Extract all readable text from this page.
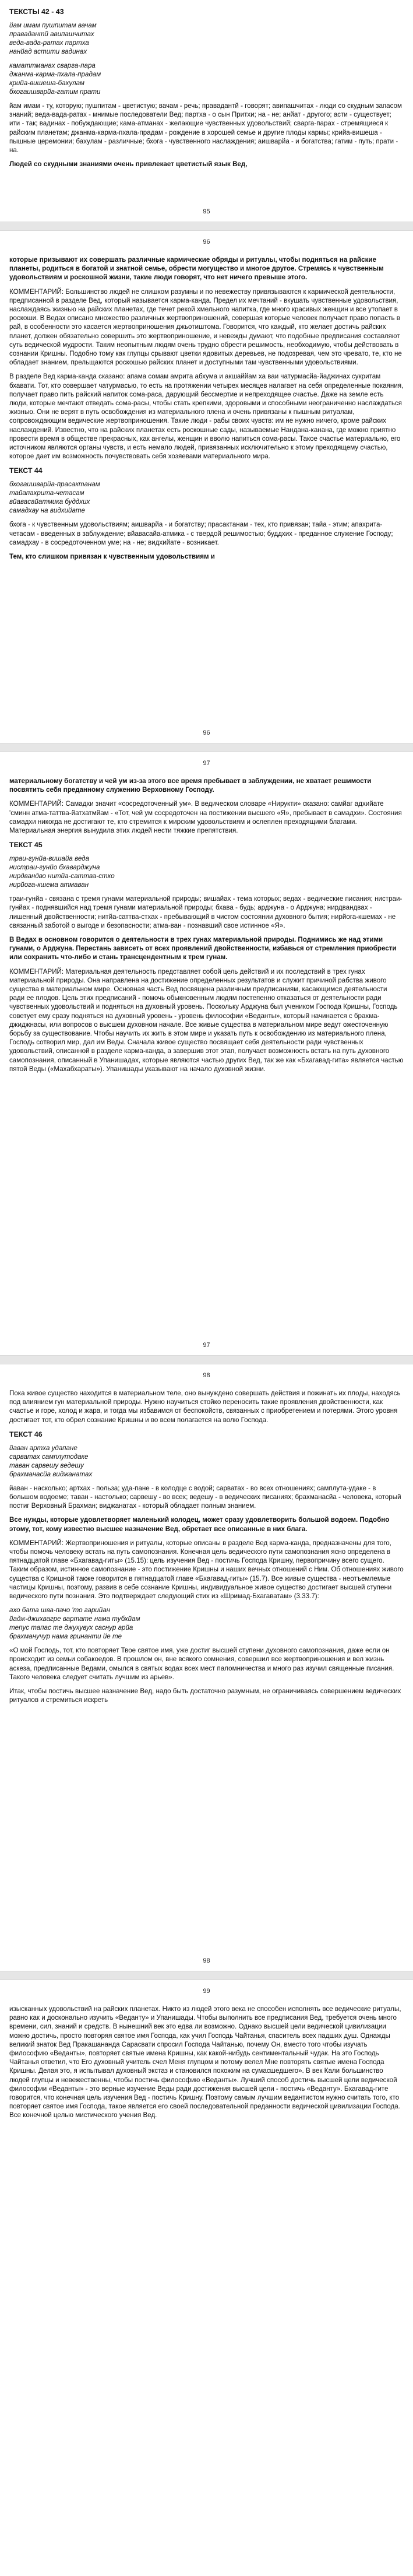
ТЕКСТЫ 42 - 43
йам имам пушпитам вачам
правадантй авипашчитах
веда-вада-ратах партха
нанйад астити вадинах
каматтманах сварга-пара
джанма-карма-пхала-прадам
крийа-вишеша-бахулам
бхогаишварйа-гатим прати

йам имам - ту, которую; пушпитам - цветистую; вачам - речь; правадантй - говорят; авипашчитах - люди со скудным запасом знаний; веда-вада-ратах - мнимые последователи Вед; партха - о сын Притхи; на - не; анйат - другого; асти - существует; ити - так; вадинах - побуждающие; кама-атманах - желающие чувственных удовольствий; сварга-парах - стремящиеся к райским планетам; джанма-карма-пхала-прадам - рождение в хорошей семье и другие плоды кармы; крийа-вишеша - пышные церемонии; бахулам - различные; бхога - чувственного наслаждения; аишварйа - и богатства; гатим - путь; прати - на.

Людей со скудными знаниями очень привлекает цветистый язык Вед,

95
96

которые призывают их совершать различные кармические обряды и ритуалы, чтобы подняться на райские планеты, родиться в богатой и знатной семье, обрести могущество и многое другое. Стремясь к чувственным удовольствиям и роскошной жизни, такие люди говорят, что нет ничего превыше этого.

КОММЕНТАРИЙ: Большинство людей не слишком разумны и по невежеству привязываются к кармической деятельности, предписанной в разделе Вед, который называется карма-канда. Предел их мечтаний - вкушать чувственные удовольствия, наслаждаясь жизнью на райских планетах, где течет рекой хмельного напитка, где много красивых женщин и все утопает в роскоши. В Ведах описано множество различных жертвоприношений, совершая которые человек получает право попасть в рай, в особенности это касается жертвоприношения джьотиштома. Говорится, что каждый, кто желает достичь райских планет, должен обязательно совершить это жертвоприношение, и невежды думают, что подобные предписания составляют суть ведической мудрости. Таким неопытным людям очень трудно обрести решимость, необходимую, чтобы действовать в сознании Кришны. Подобно тому как глупцы срывают цветки ядовитых деревьев, не подозревая, чем это чревато, те, кто не обладает знанием, прельщаются роскошью райских планет и доступными там чувственными удовольствиями.

В разделе Вед карма-канда сказано: апама сомам амрита абхума и акшаййам ха ваи чатурмасйа-йаджинах сукритам бхавати. Тот, кто совершает чатурмасью, то есть на протяжении четырех месяцев налагает на себя определенные покаяния, получает право пить райский напиток сома-раса, дарующий бессмертие и непреходящее счастье. Даже на земле есть люди, которые мечтают отведать сома-расы, чтобы стать крепкими, здоровыми и способными неограниченно наслаждаться жизнью. Они не верят в путь освобождения из материального плена и очень привязаны к пышным ритуалам, сопровождающим ведические жертвоприношения. Такие люди - рабы своих чувств: им не нужно ничего, кроме райских наслаждений. Известно, что на райских планетах есть роскошные сады, называемые Нандана-канана, где можно приятно провести время в обществе прекрасных, как ангелы, женщин и вволю напиться сома-расы. Такое счастье материально, его источником являются органы чувств, и есть немало людей, привязанных исключительно к этому преходящему счастью, которое дает им возможность почувствовать себя хозяевами материального мира.

ТЕКСТ 44
бхогаишварйа-прасактанам
тайапахрита-четасам
вйавасайатмика буддхих
самадхау на видхийате

бхога - к чувственным удовольствиям; аишварйа - и богатству; прасактанам - тех, кто привязан; тайа - этим; апахрита-четасам - введенных в заблуждение; вйавасайа-атмика - с твердой решимостью; буддхих - преданное служение Господу; самадхау - в сосредоточенном уме; на - не; видхийате - возникает.

Тем, кто слишком привязан к чувственным удовольствиям и

96
97

материальному богатству и чей ум из-за этого все время пребывает в заблуждении, не хватает решимости посвятить себя преданному служению Верховному Господу.

КОММЕНТАРИЙ: Самадхи значит «сосредоточенный ум». В ведическом словаре «Нирукти» сказано: самйаг адхийате 'сминн атма-таттва-йатхатмйам - «Тот, чей ум сосредоточен на постижении высшего «Я», пребывает в самадхи». Состояния самадхи никогда не достигают те, кто стремится к мирским удовольствиям и ослеплен преходящими благами. Материальная энергия вынудила этих людей нести тяжкие препятствия.

ТЕКСТ 45
траи-гунйа-вишайа веда
нистраи-гунйо бхаварджуна
нирдвандво нитйа-саттва-стхо
нирйога-кшема атмаван

траи-гунйа - связана с тремя гунами материальной природы; вишайах - тема которых; ведах - ведические писания; нистраи-гунйах - поднявшийся над тремя гунами материальной природы; бхава - будь; арджуна - о Арджуна; нирдвандвах - лишенный двойственности; нитйа-саттва-стхах - пребывающий в чистом состоянии духовного бытия; нирйога-кшемах - не связанный заботой о выгоде и безопасности; атма-ван - познавший свое истинное «Я».

В Ведах в основном говорится о деятельности в трех гунах материальной природы. Поднимись же над этими гунами, о Арджуна. Перестань зависеть от всех проявлений двойственности, избавься от стремления приобрести или сохранить что-либо и стань трансцендентным к трем гунам.

КОММЕНТАРИЙ: Материальная деятельность представляет собой цель действий и их последствий в трех гунах материальной природы. Она направлена на достижение определенных результатов и служит причиной рабства живого существа в материальном мире. Основная часть Вед посвящена различным предписаниям, касающимся деятельности ради ее плодов. Цель этих предписаний - помочь обыкновенным людям постепенно отказаться от деятельности ради чувственных удовольствий и подняться на духовный уровень. Поскольку Арджуна был учеником Господа Кришны, Господь советует ему сразу подняться на духовный уровень - уровень философии «Веданты», который начинается с брахма-джиджнасы, или вопросов о высшем духовном начале. Все живые существа в материальном мире ведут ожесточенную борьбу за существование. Чтобы научить их жить в этом мире и указать путь к освобождению из материального плена, Господь сотворил мир, дал им Веды. Сначала живое существо посвящает себя деятельности ради чувственных удовольствий, описанной в разделе карма-канда, а завершив этот этап, получает возможность встать на путь духовного самопознания, описанный в Упанишадах, которые являются частью других Вед, так же как «Бхагавад-гита» является частью пятой Веды («Махабхараты»). Упанишады указывают на начало духовной жизни.

97
98

Пока живое существо находится в материальном теле, оно вынуждено совершать действия и пожинать их плоды, находясь под влиянием гун материальной природы. Нужно научиться стойко переносить такие проявления двойственности, как счастье и горе, холод и жара, и тогда мы избавимся от беспокойств, связанных с приобретением и потерями. Этого уровня достигает тот, кто обрел сознание Кришны и во всем полагается на волю Господа.

ТЕКСТ 46
йаван артха удапане
сарватах самплутодаке
таван сарвешу ведешу
брахманасйа виджанатах

йаван - насколько; артхах - польза; уда-пане - в колодце с водой; сарватах - во всех отношениях; самплута-удаке - в большом водоеме; таван - настолько; сарвешу - во всех; ведешу - в ведических писаниях; брахманасйа - человека, который постиг Верховный Брахман; виджанатах - который обладает полным знанием.

Все нужды, которые удовлетворяет маленький колодец, может сразу удовлетворить большой водоем. Подобно этому, тот, кому известно высшее назначение Вед, обретает все описанные в них блага.

КОММЕНТАРИЙ: Жертвоприношения и ритуалы, которые описаны в разделе Вед карма-канда, предназначены для того, чтобы помочь человеку встать на путь самопознания. Конечная цель ведического пути самопознания ясно определена в пятнадцатой главе «Бхагавад-гиты» (15.15): цель изучения Вед - постичь Господа Кришну, первопричину всего сущего. Таким образом, истинное самопознание - это постижение Кришны и наших вечных отношений с Ним. Об отношениях живого существа с Кришной также говорится в пятнадцатой главе «Бхагавад-гиты» (15.7). Все живые существа - неотъемлемые частицы Кришны, поэтому, развив в себе сознание Кришны, индивидуальное живое существо достигает высшей ступени ведического пути познания. Это подтверждает следующий стих из «Шримад-Бхагаватам» (3.33.7):

ахо бата шва-пачо 'то гарийан
йадж-джихвагре вартате нама тубхйам
тепус тапас те джухувух саснур арйа
брахманучур нама гринанти йе те

«О мой Господь, тот, кто повторяет Твое святое имя, уже достиг высшей ступени духовного самопознания, даже если он происходит из семьи собакоедов. В прошлом он, вне всякого сомнения, совершил все жертвоприношения и вел жизнь аскеза, предписанные Ведами, омылся в святых водах всех мест паломничества и много раз изучил священные писания. Такого человека следует считать лучшим из арьев».

Итак, чтобы постичь высшее назначение Вед, надо быть достаточно разумным, не ограничиваясь совершением ведических ритуалов и стремиться искреть

98
99

изысканных удовольствий на райских планетах. Никто из людей этого века не способен исполнять все ведические ритуалы, равно как и досконально изучить «Веданту» и Упанишады. Чтобы выполнить все предписания Вед, требуется очень много времени, сил, знаний и средств. В нынешний век это едва ли возможно. Однако высшей цели ведической цивилизации можно достичь, просто повторяя святое имя Господа, как учил Господь Чайтанья, спаситель всех падших душ. Однажды великий знаток Вед Пракашананда Сарасвати спросил Господа Чайтанью, почему Он, вместо того чтобы изучать философию «Веданты», повторяет святые имена Кришны, как какой-нибудь сентиментальный чудак. На это Господь Чайтанья ответил, что Его духовный учитель счел Меня глупцом и потому велел Мне повторять святые имена Господа Кришны. Делая это, я испытывал духовный экстаз и становился похожим на сумасшедшего». В век Кали большинство людей глупцы и невежественны, чтобы постичь философию «Веданты». Лучший способ достичь высшей цели ведической философии «Веданты» - это верные изучение Веды ради достижения высшей цели - постичь «Веданту». Бхагавад-гите говорится, что конечная цель изучения Вед - постичь Кришну. Поэтому самым лучшим ведантистом нужно считать того, кто повторяет святое имя Господа, такое является его своей последовательной преданности ведической цивилизации Господа. Все конечной целью мистического учения Вед.
